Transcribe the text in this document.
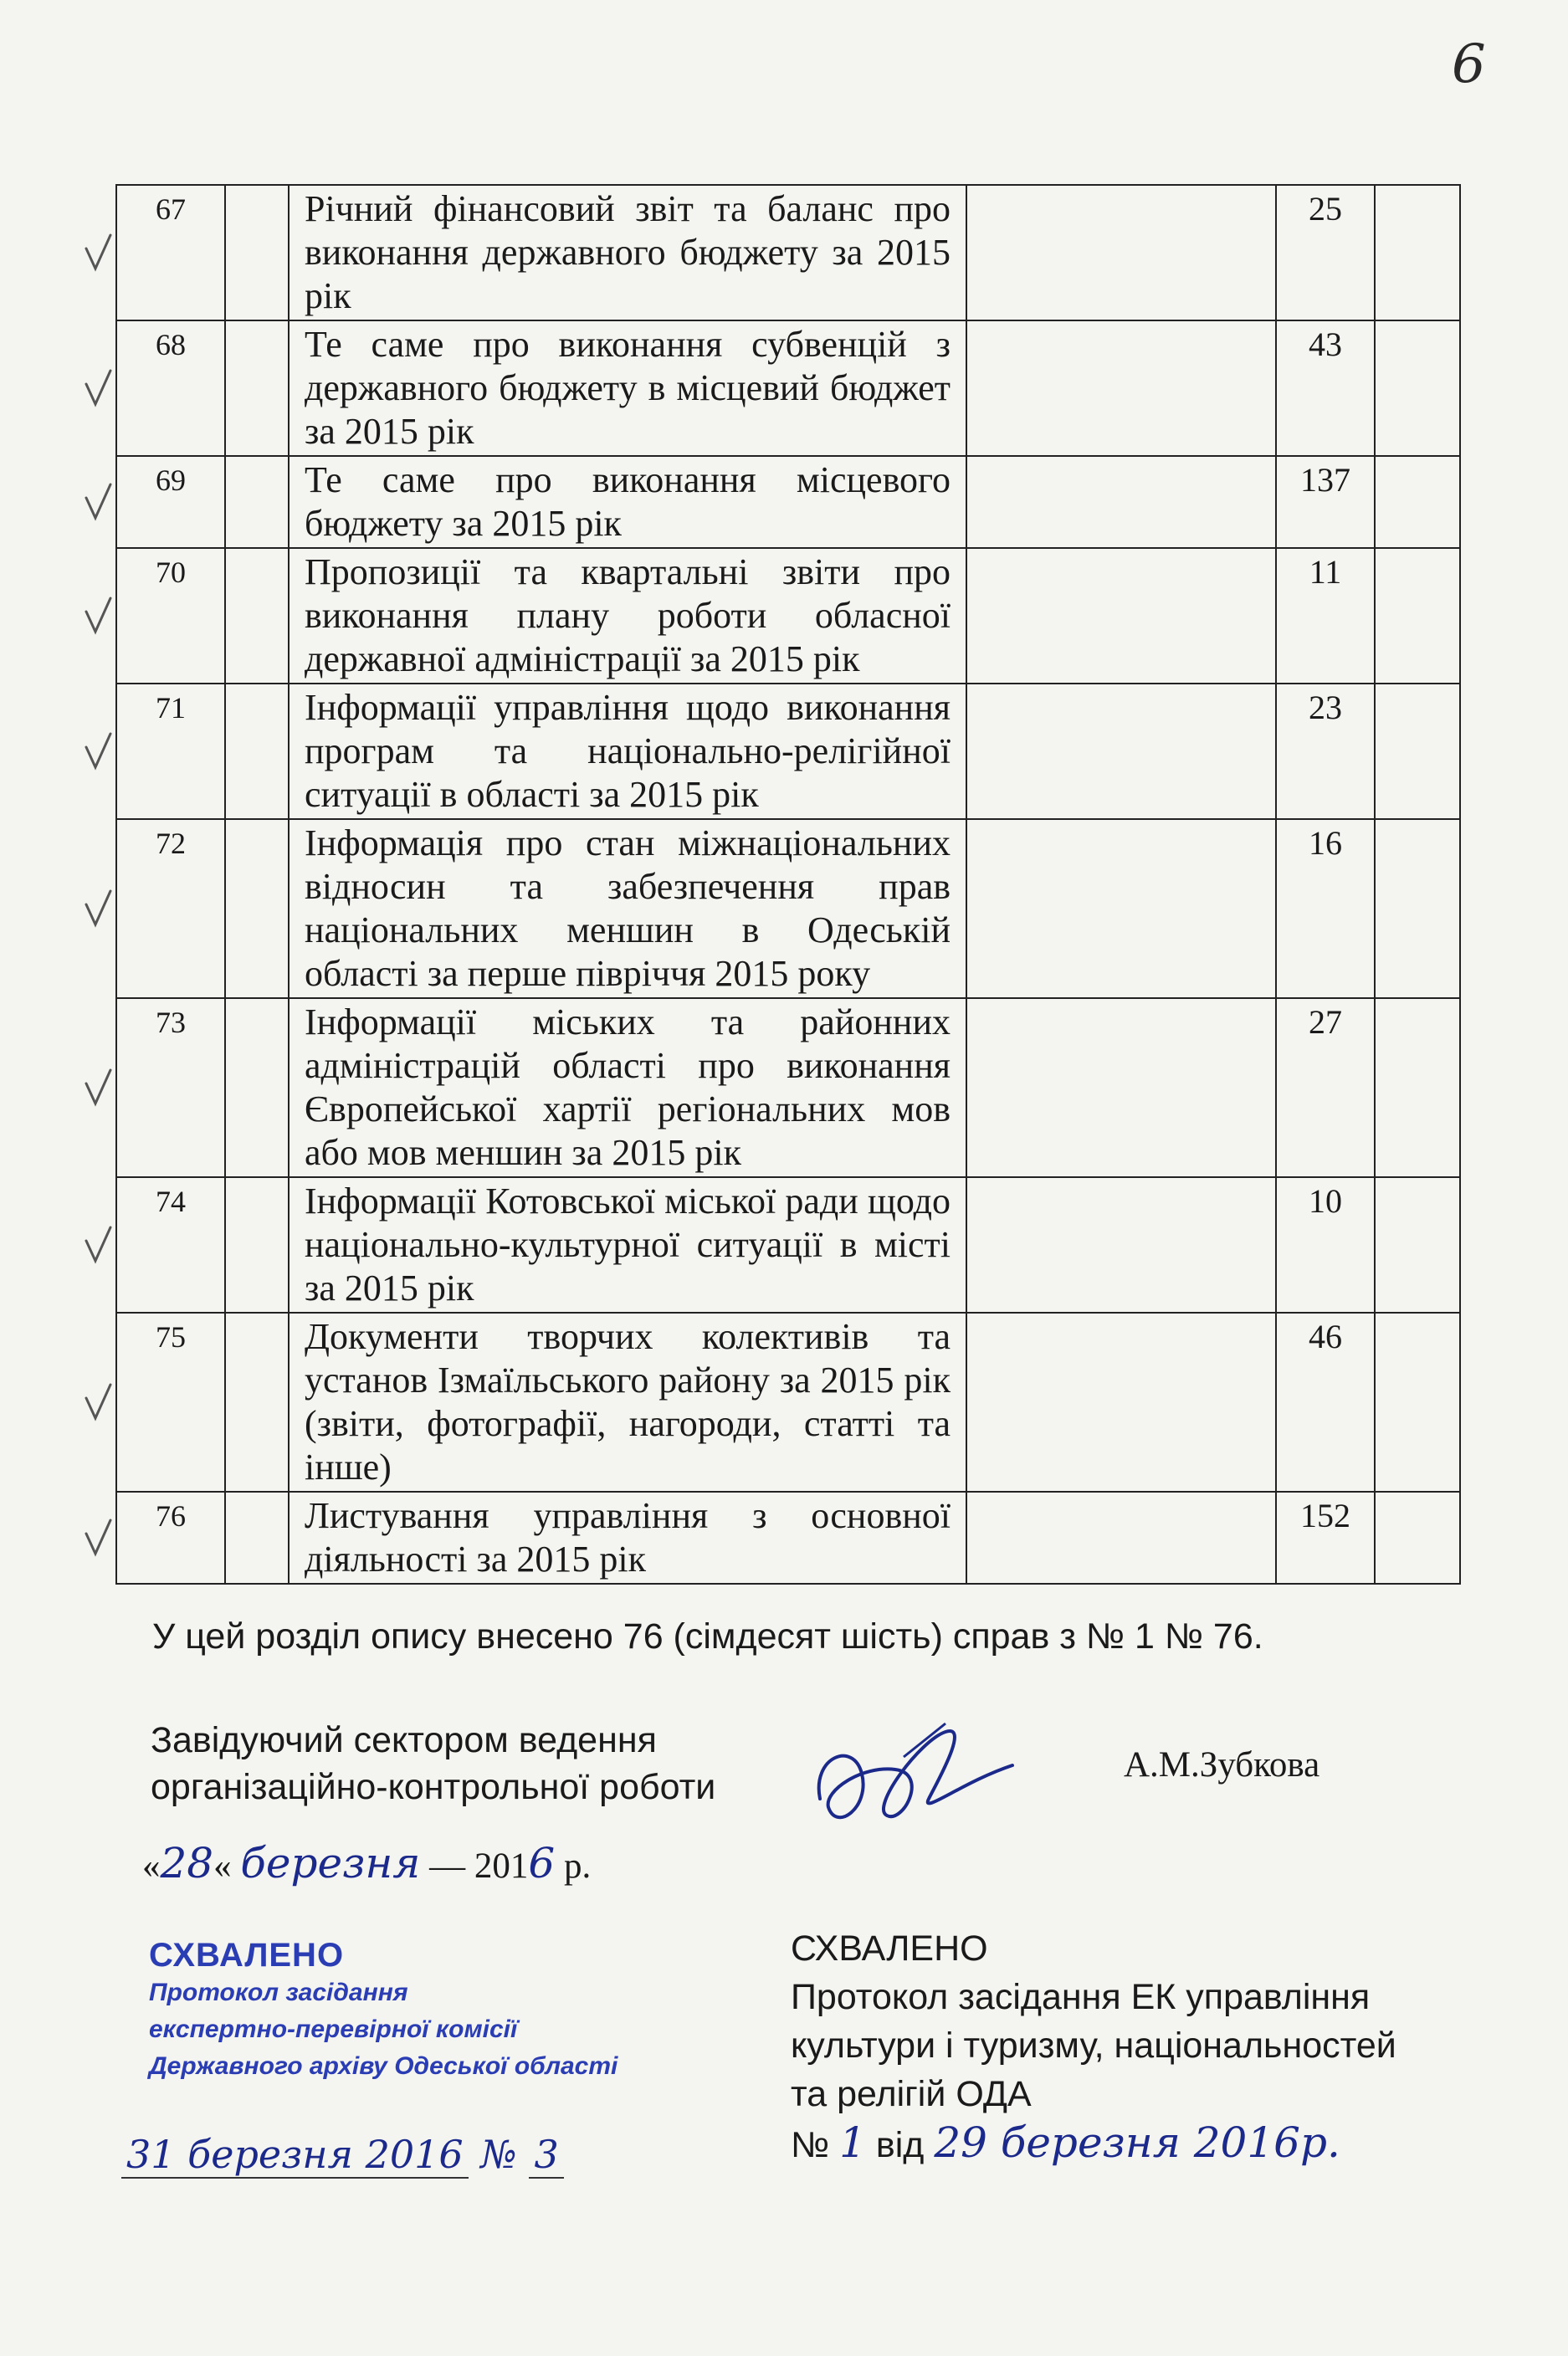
6
67		Річний фінансовий звіт та баланс про виконання державного бюджету за 2015 рік		25	
68		Те саме про виконання субвенцій з державного бюджету в місцевий бюджет за 2015 рік		43	
69		Те саме про виконання місцевого бюджету за 2015 рік		137	
70		Пропозиції та квартальні звіти про виконання плану роботи обласної державної адміністрації за 2015 рік		11	
71		Інформації управління щодо виконання програм та національно-релігійної ситуації в області за 2015 рік		23	
72		Інформація про стан міжнаціональних відносин та забезпечення прав національних меншин в Одеській області за перше півріччя 2015 року		16	
73		Інформації міських та районних адміністрацій області про виконання Європейської хартії регіональних мов або мов меншин за 2015 рік		27	
74		Інформації Котовської міської ради щодо національно-культурної ситуації в місті за 2015 рік		10	
75		Документи творчих колективів та установ Ізмаїльського району за 2015 рік (звіти, фотографії, нагороди, статті та інше)		46	
76		Листування управління з основної діяльності за 2015 рік		152	
У цей розділ опису внесено 76 (сімдесят шість) справ з № 1 № 76.
Завідуючий сектором ведення
організаційно-контрольної роботи
А.М.Зубкова
«28« березня — 2016 р.
СХВАЛЕНО
Протокол засідання
експертно-перевірної комісії
Державного архіву Одеської області
31 березня 2016 № 3
СХВАЛЕНО
Протокол засідання ЕК управління
культури і туризму, національностей
та релігій ОДА
№ 1 від 29 березня 2016р.
